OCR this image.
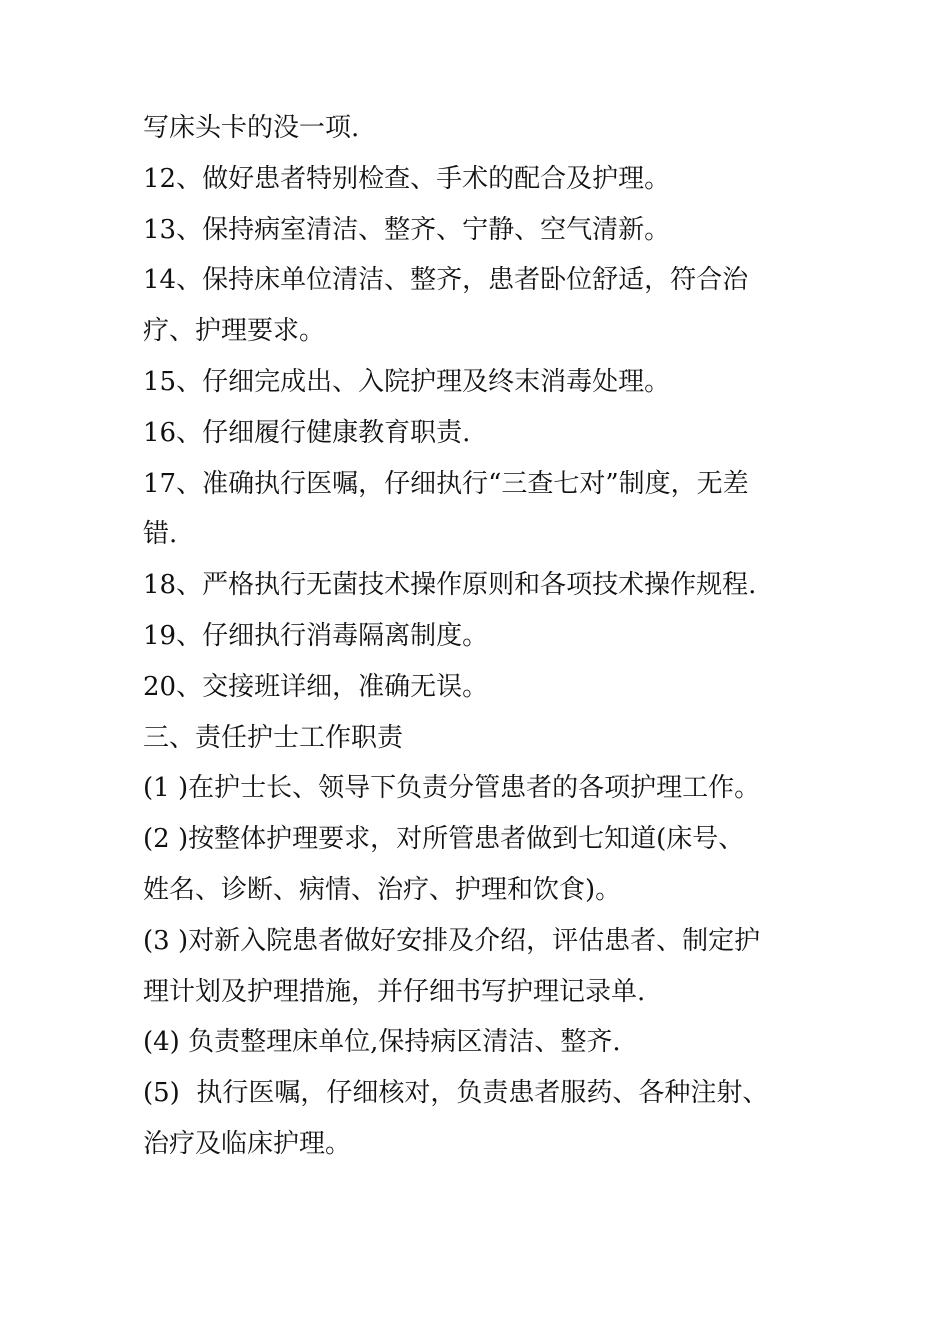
写床头卡的没一项.
12、做好患者特别检查、手术的配合及护理。
13、保持病室清洁、整齐、宁静、空气清新。
14、保持床单位清洁、整齐，患者卧位舒适，符合治
疗、护理要求。
15、仔细完成出、入院护理及终末消毒处理。
16、仔细履行健康教育职责.
17、准确执行医嘱，仔细执行“三查七对”制度，无差
错.
18、严格执行无菌技术操作原则和各项技术操作规程.
19、仔细执行消毒隔离制度。
20、交接班详细，准确无误。
三、责任护士工作职责
(1 )在护士长、领导下负责分管患者的各项护理工作。
(2 )按整体护理要求，对所管患者做到七知道(床号、
姓名、诊断、病情、治疗、护理和饮食)。
(3 )对新入院患者做好安排及介绍，评估患者、制定护
理计划及护理措施，并仔细书写护理记录单.
(4) 负责整理床单位,保持病区清洁、整齐.
(5)  执行医嘱，仔细核对，负责患者服药、各种注射、
治疗及临床护理。
